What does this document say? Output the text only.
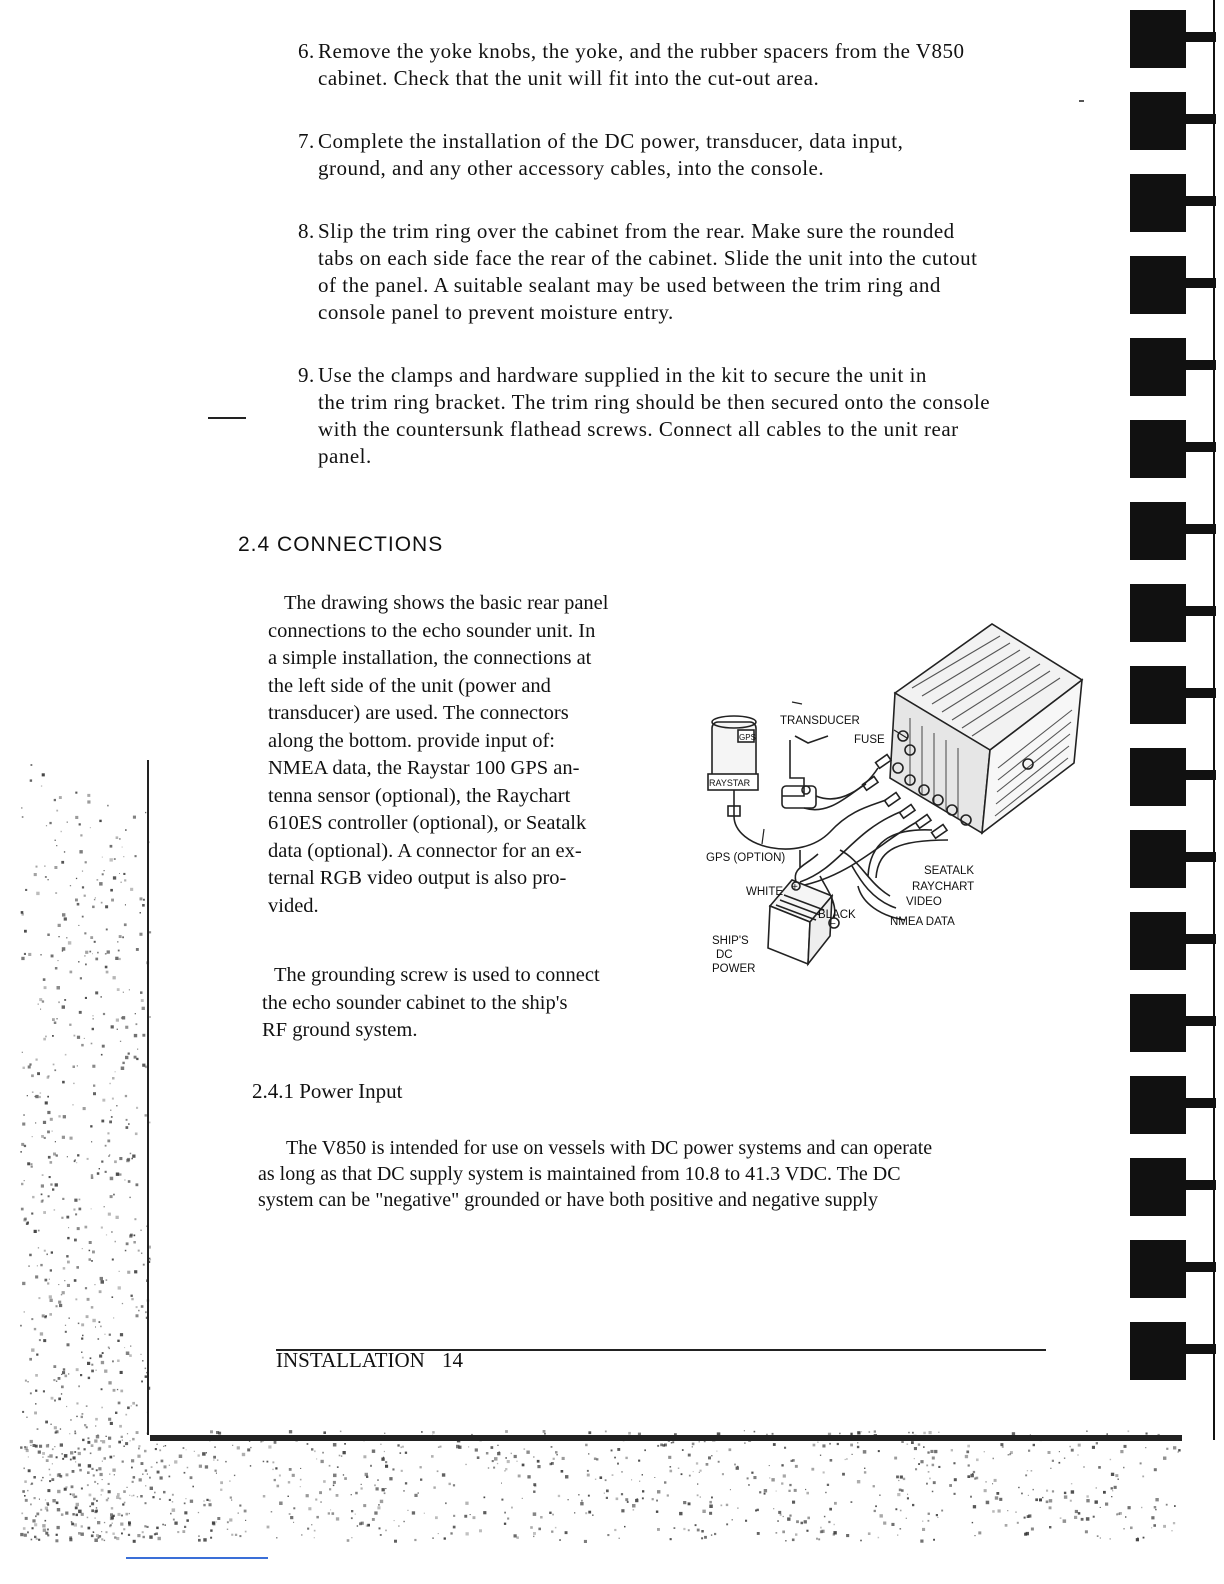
6. Remove the yoke knobs, the yoke, and the rubber spacers from the V850
cabinet. Check that the unit will fit into the cut-out area.
7. Complete the installation of the DC power, transducer, data input,
ground, and any other accessory cables, into the console.
8. Slip the trim ring over the cabinet from the rear. Make sure the rounded
tabs on each side face the rear of the cabinet. Slide the unit into the cutout
of the panel. A suitable sealant may be used between the trim ring and
console panel to prevent moisture entry.
9. Use the clamps and hardware supplied in the kit to secure the unit in
the trim ring bracket. The trim ring should be then secured onto the console
with the countersunk flathead screws. Connect all cables to the unit rear
panel.
2.4 CONNECTIONS
The drawing shows the basic rear panel
connections to the echo sounder unit. In
a simple installation, the connections at
the left side of the unit (power and
transducer) are used. The connectors
along the bottom. provide input of:
NMEA data, the Raystar 100 GPS an-
tenna sensor (optional), the Raychart
610ES controller (optional), or Seatalk
data (optional). A connector for an ex-
ternal RGB video output is also pro-
vided.
The grounding screw is used to connect
the echo sounder cabinet to the ship's
RF ground system.
TRANSDUCER
FUSE
GPS (OPTION)
WHITE
BLACK
SHIP'S
DC
POWER
SEATALK
RAYCHART
VIDEO
NMEA DATA
GPS
RAYSTAR
+
−
2.4.1 Power Input
The V850 is intended for use on vessels with DC power systems and can operate
as long as that DC supply system is maintained from 10.8 to 41.3 VDC. The DC
system can be "negative" grounded or have both positive and negative supply
INSTALLATION 14
